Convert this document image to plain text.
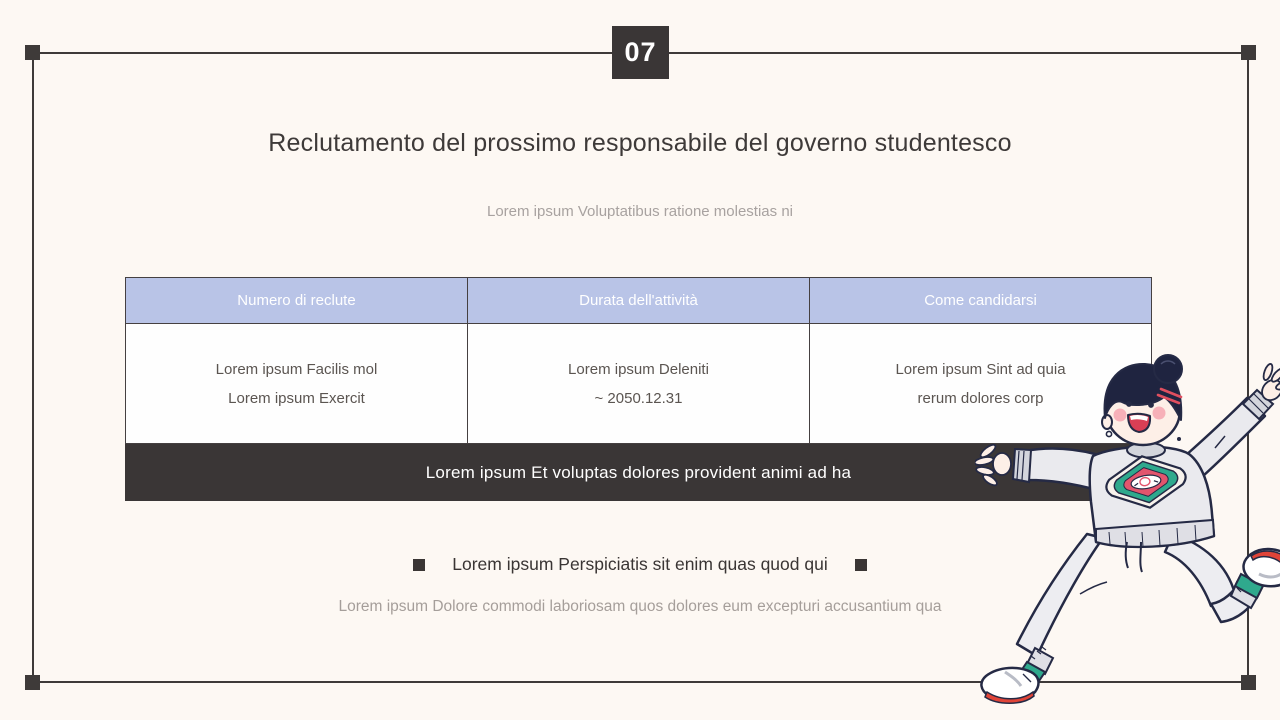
07
Reclutamento del prossimo responsabile del governo studentesco
Lorem ipsum Voluptatibus ratione molestias ni
Numero di reclute	Durata dell'attività	Come candidarsi
Lorem ipsum Facilis mol
Lorem ipsum Exercit
Lorem ipsum Deleniti
~ 2050.12.31
Lorem ipsum Sint ad quia
rerum dolores corp
Lorem ipsum Et voluptas dolores provident animi ad ha
Lorem ipsum Perspiciatis sit enim quas quod qui
Lorem ipsum Dolore commodi laboriosam quos dolores eum excepturi accusantium qua
